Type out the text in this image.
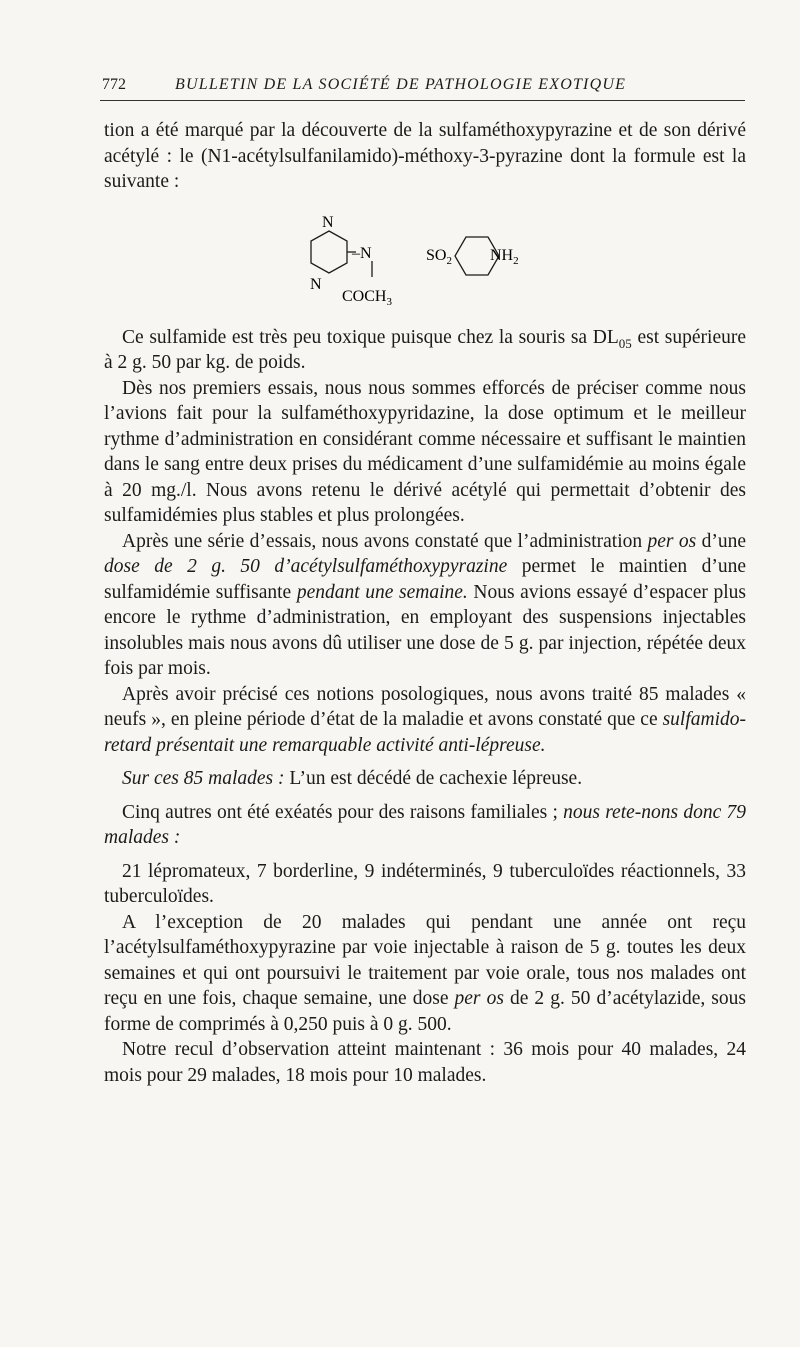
772	BULLETIN DE LA SOCIÉTÉ DE PATHOLOGIE EXOTIQUE

tion a été marqué par la découverte de la sulfaméthoxypyrazine et de son dérivé acétylé : le (N1-acétylsulfanilamido)-méthoxy-3-pyrazine dont la formule est la suivante :

N
N
–N
$COCH_3$
$SO_2$ $NH_2$

Ce sulfamide est très peu toxique puisque chez la souris sa $DL_{05}$ est supérieure à 2 g. 50 par kg. de poids.

Dès nos premiers essais, nous nous sommes efforcés de préciser comme nous l’avions fait pour la sulfaméthoxypyridazine, la dose optimum et le meilleur rythme d’administration en considérant comme nécessaire et suffisant le maintien dans le sang entre deux prises du médicament d’une sulfamidémie au moins égale à 20 mg./l. Nous avons retenu le dérivé acétylé qui permettait d’obtenir des sulfamidémies plus stables et plus prolongées.

Après une série d’essais, nous avons constaté que l’administration per os d’une dose de 2 g. 50 d’acétylsulfaméthoxypyrazine permet le maintien d’une sulfamidémie suffisante pendant une semaine. Nous avions essayé d’espacer plus encore le rythme d’administration, en employant des suspensions injectables insolubles mais nous avons dû utiliser une dose de 5 g. par injection, répétée deux fois par mois.

Après avoir précisé ces notions posologiques, nous avons traité 85 malades « neufs », en pleine période d’état de la maladie et avons constaté que ce sulfamido-retard présentait une remarquable activité anti-lépreuse.

Sur ces 85 malades : L’un est décédé de cachexie lépreuse.

Cinq autres ont été exéatés pour des raisons familiales ; nous rete-nons donc 79 malades :

21 lépromateux, 7 borderline, 9 indéterminés, 9 tuberculoïdes réactionnels, 33 tuberculoïdes.

A l’exception de 20 malades qui pendant une année ont reçu l’acétylsulfaméthoxypyrazine par voie injectable à raison de 5 g. toutes les deux semaines et qui ont poursuivi le traitement par voie orale, tous nos malades ont reçu en une fois, chaque semaine, une dose per os de 2 g. 50 d’acétylazide, sous forme de comprimés à 0,250 puis à 0 g. 500.

Notre recul d’observation atteint maintenant : 36 mois pour 40 malades, 24 mois pour 29 malades, 18 mois pour 10 malades.
